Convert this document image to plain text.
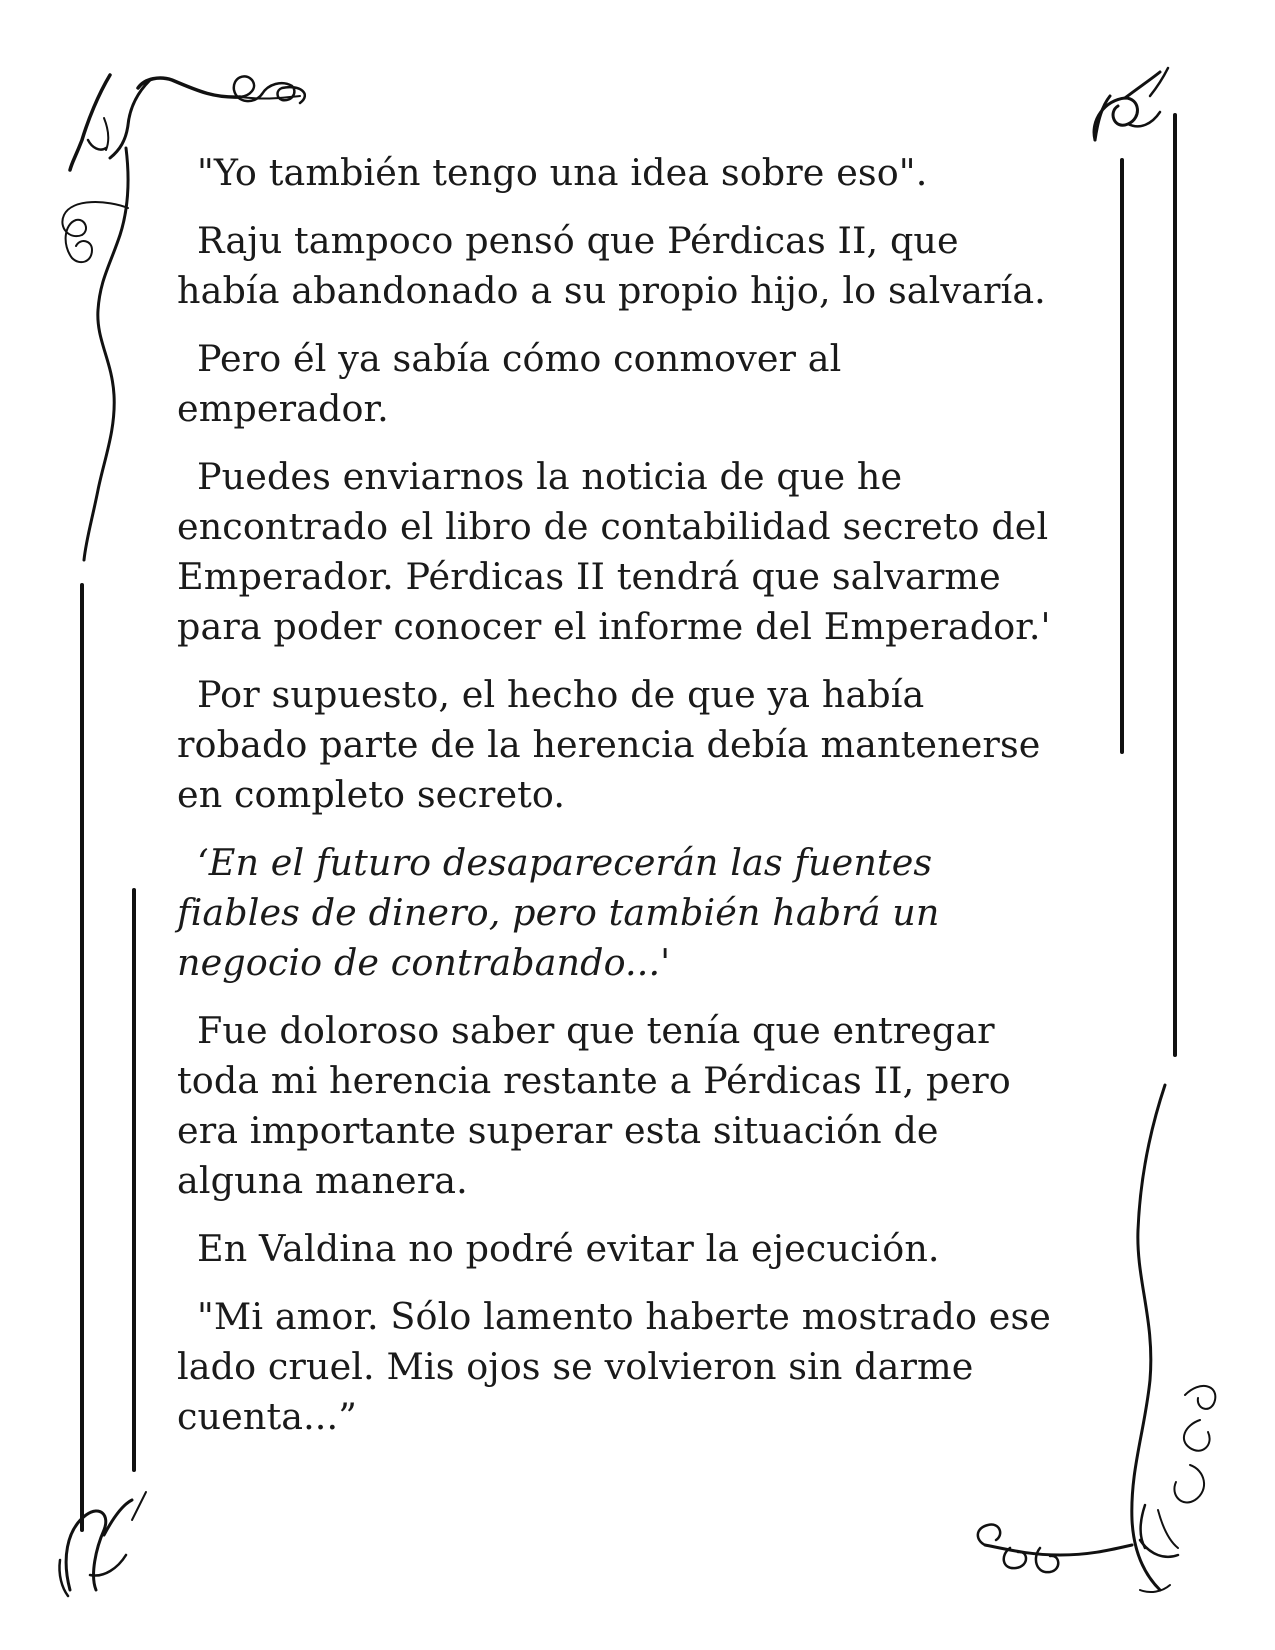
"Yo también tengo una idea sobre eso".

Raju tampoco pensó que Pérdicas II, que
había abandonado a su propio hijo, lo salvaría.

Pero él ya sabía cómo conmover al
emperador.

Puedes enviarnos la noticia de que he
encontrado el libro de contabilidad secreto del
Emperador. Pérdicas II tendrá que salvarme
para poder conocer el informe del Emperador.'

Por supuesto, el hecho de que ya había
robado parte de la herencia debía mantenerse
en completo secreto.

‘En el futuro desaparecerán las fuentes
fiables de dinero, pero también habrá un
negocio de contrabando...'

Fue doloroso saber que tenía que entregar
toda mi herencia restante a Pérdicas II, pero
era importante superar esta situación de
alguna manera.

En Valdina no podré evitar la ejecución.

"Mi amor. Sólo lamento haberte mostrado ese
lado cruel. Mis ojos se volvieron sin darme
cuenta...”
